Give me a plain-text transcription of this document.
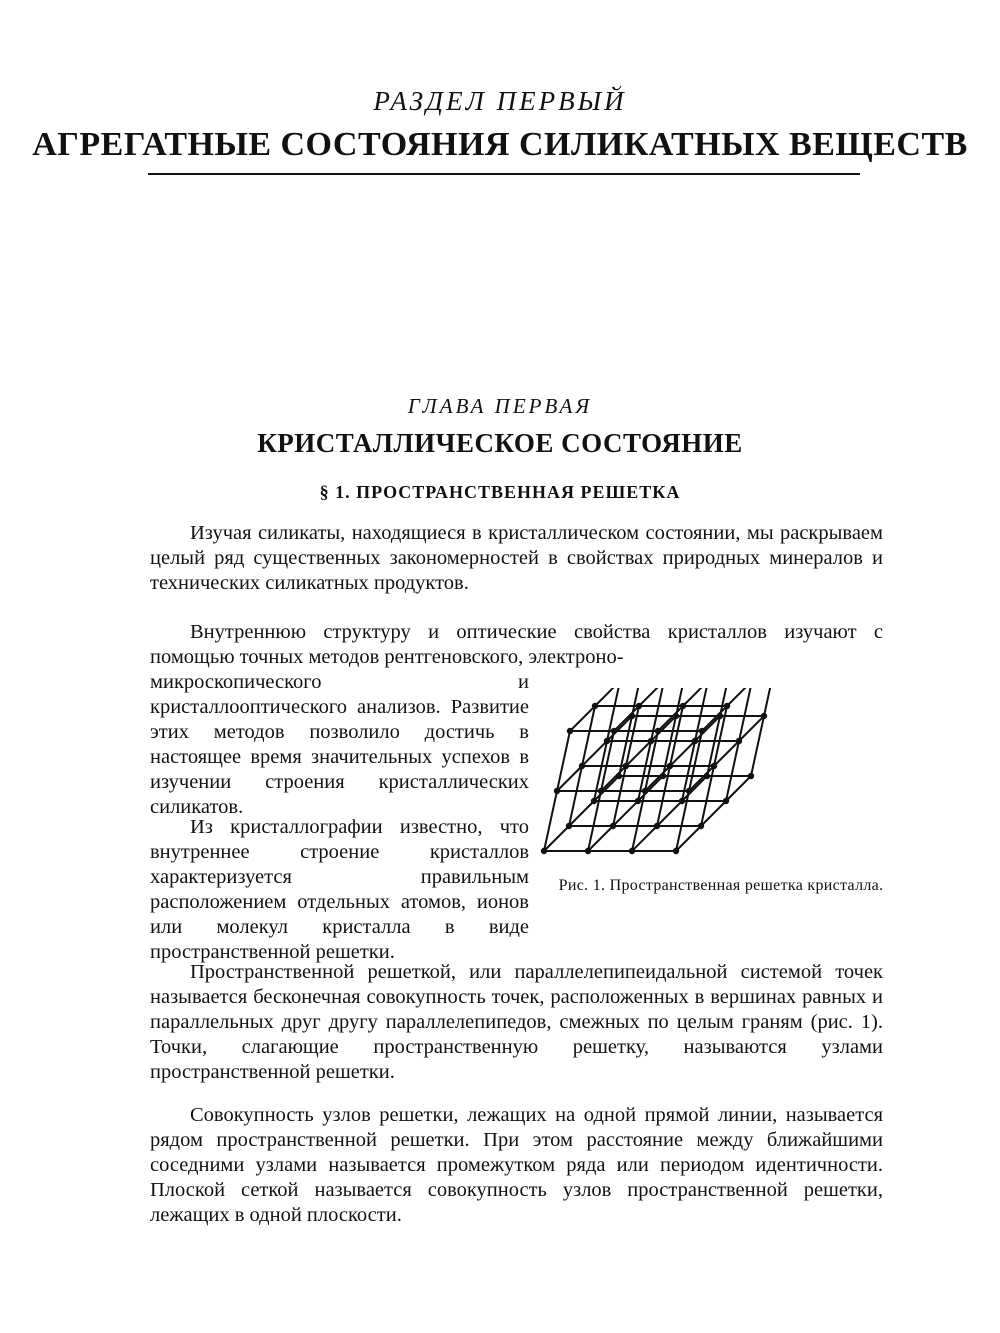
РАЗДЕЛ ПЕРВЫЙ
АГРЕГАТНЫЕ СОСТОЯНИЯ СИЛИКАТНЫХ ВЕЩЕСТВ
ГЛАВА ПЕРВАЯ
КРИСТАЛЛИЧЕСКОЕ СОСТОЯНИЕ
§ 1. ПРОСТРАНСТВЕННАЯ РЕШЕТКА

Изучая силикаты, находящиеся в кристаллическом состоянии, мы раскрываем целый ряд существенных закономерностей в свойствах природных минералов и технических силикатных продуктов.

Внутреннюю структуру и оптические свойства кристаллов изучают с помощью точных методов рентгеновского, электроно-

микроскопического и кристаллооптического анализов. Развитие этих методов позволило достичь в настоящее время значительных успехов в изучении строения кристаллических силикатов.

Из кристаллографии известно, что внутреннее строение кристаллов характеризуется правильным расположением отдельных атомов, ионов или молекул кристалла в виде пространственной решетки.

Рис. 1. Пространственная решетка кристалла.

Пространственной решеткой, или параллелепипеидальной системой точек называется бесконечная совокупность точек, расположенных в вершинах равных и параллельных друг другу параллелепипедов, смежных по целым граням (рис. 1). Точки, слагающие пространственную решетку, называются узлами пространственной решетки.

Совокупность узлов решетки, лежащих на одной прямой линии, называется рядом пространственной решетки. При этом расстояние между ближайшими соседними узлами называется промежутком ряда или периодом идентичности. Плоской сеткой называется совокупность узлов пространственной решетки, лежащих в одной плоскости.
